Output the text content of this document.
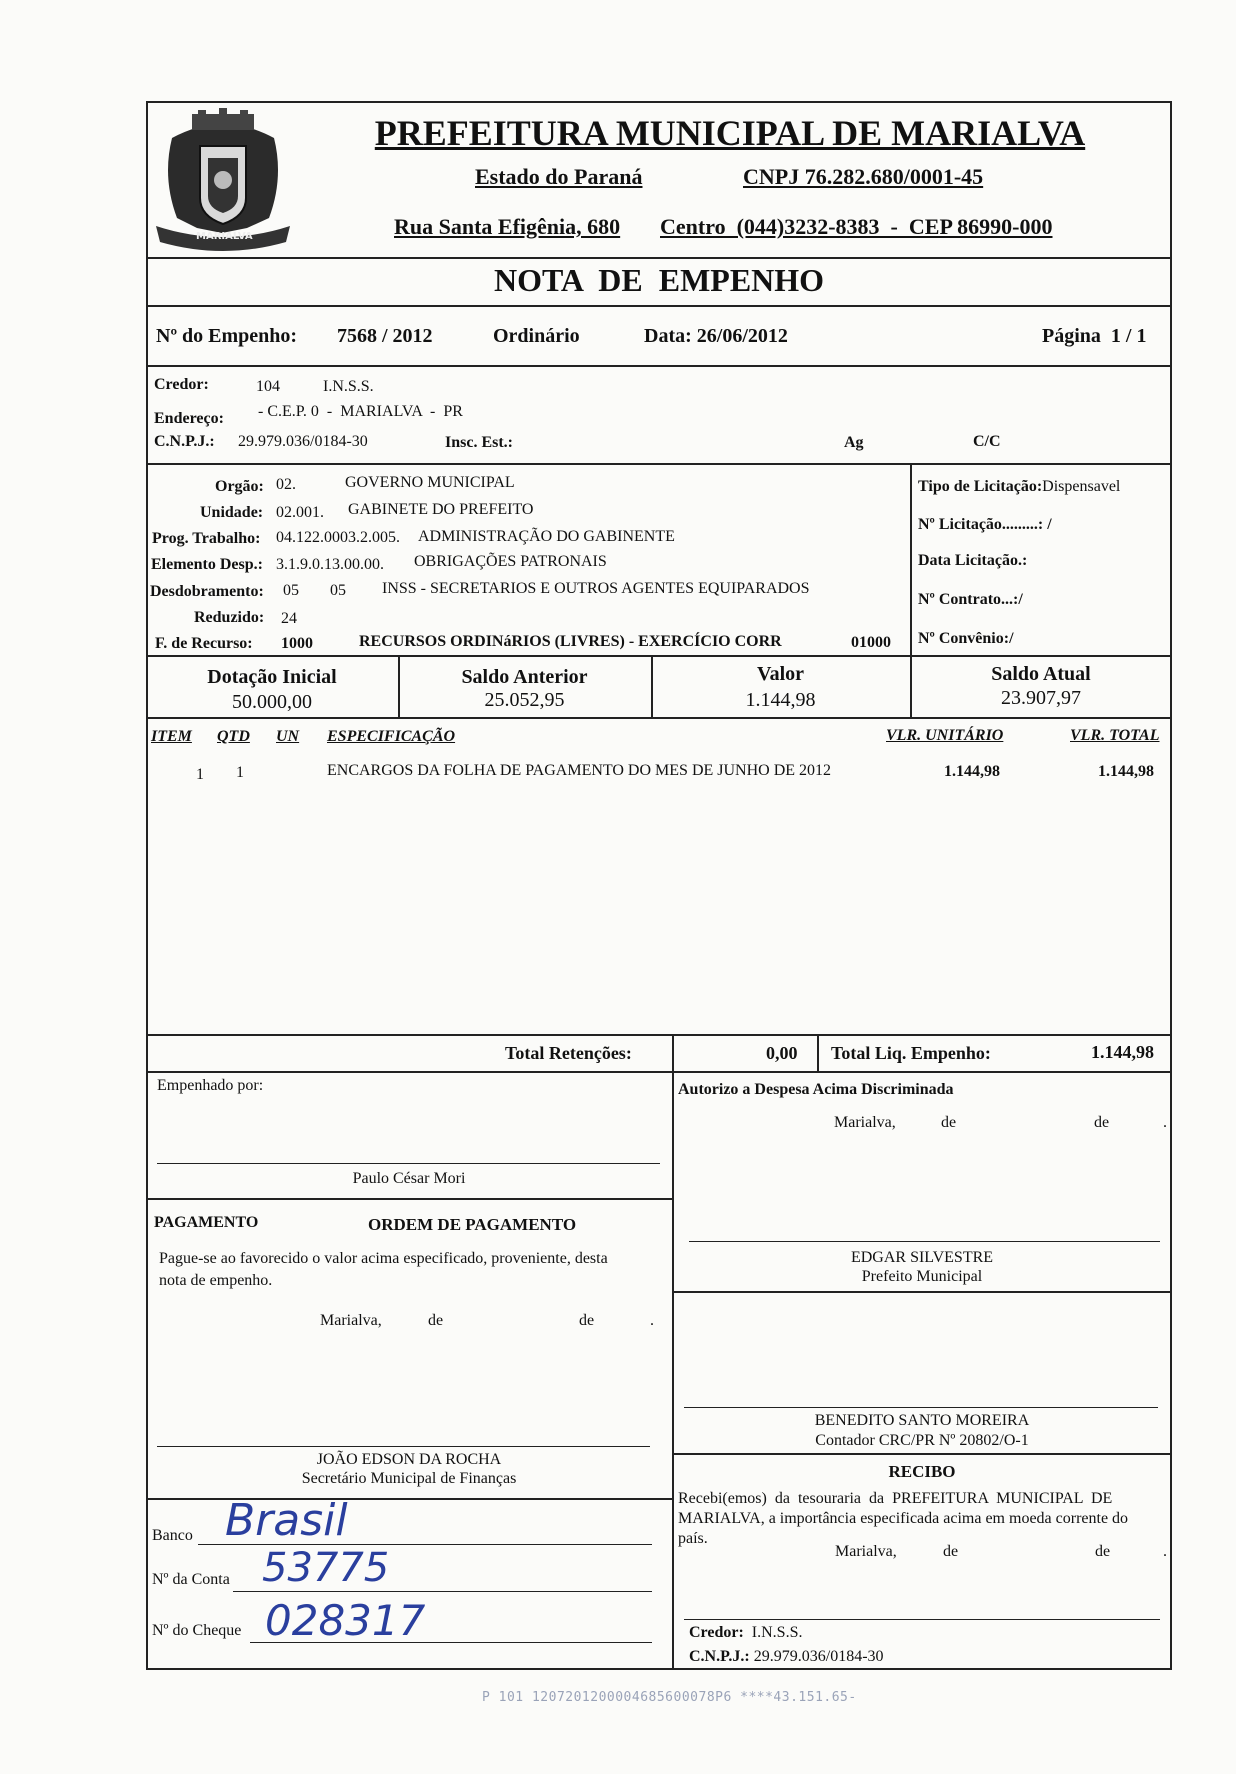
MARIALVA
PREFEITURA MUNICIPAL DE MARIALVA
Estado do Paraná	CNPJ 76.282.680/0001-45
Rua Santa Efigênia, 680 Centro  (044)3232-8383  -  CEP 86990-000
NOTA  DE  EMPENHO
Nº do Empenho: 7568 / 2012	Ordinário	Data: 26/06/2012	Página  1 / 1
Credor:	104	I.N.S.S.
Endereço: - C.E.P. 0  -  MARIALVA  -  PR
C.N.P.J.: 29.979.036/0184-30	Insc. Est.:	Ag	C/C
Orgão: 02.	GOVERNO MUNICIPAL
Unidade: 02.001. GABINETE DO PREFEITO
Prog. Trabalho: 04.122.0003.2.005. ADMINISTRAÇÃO DO GABINENTE
Elemento Desp.: 3.1.9.0.13.00.00. OBRIGAÇÕES PATRONAIS
Desdobramento: 05 05 INSS - SECRETARIOS E OUTROS AGENTES EQUIPARADOS
Reduzido: 24
F. de Recurso: 1000	RECURSOS ORDINáRIOS (LIVRES) - EXERCÍCIO CORR	01000
Tipo de Licitação:Dispensavel
Nº Licitação.........: /
Data Licitação.:
Nº Contrato...:/
Nº Convênio:/
Dotação Inicial
50.000,00
Saldo Anterior
25.052,95
Valor
1.144,98
Saldo Atual
23.907,97
ITEM QTD UN ESPECIFICAÇÃO	VLR. UNITÁRIO	VLR. TOTAL
1 1	ENCARGOS DA FOLHA DE PAGAMENTO DO MES DE JUNHO DE 2012	1.144,98	1.144,98
Total Retenções:	0,00 Total Liq. Empenho:	1.144,98
Empenhado por:
Paulo César Mori
PAGAMENTO	ORDEM DE PAGAMENTO
Pague-se ao favorecido o valor acima especificado, proveniente, desta
nota de empenho.
Marialva,	de	de	.
JOÃO EDSON DA ROCHA
Secretário Municipal de Finanças
Banco Brasil
Nº da Conta 53775
Nº do Cheque 028317
Autorizo a Despesa Acima Discriminada
Marialva,	de	de	.
EDGAR SILVESTRE
Prefeito Municipal
BENEDITO SANTO MOREIRA
Contador CRC/PR Nº 20802/O-1
RECIBO
Recebi(emos)  da  tesouraria  da  PREFEITURA  MUNICIPAL  DE
MARIALVA, a importância especificada acima em moeda corrente do
país.
Marialva,	de	de	.
Credor: I.N.S.S.
C.N.P.J.: 29.979.036/0184-30
P 101 1207201200004685600078P6 ****43.151.65-
